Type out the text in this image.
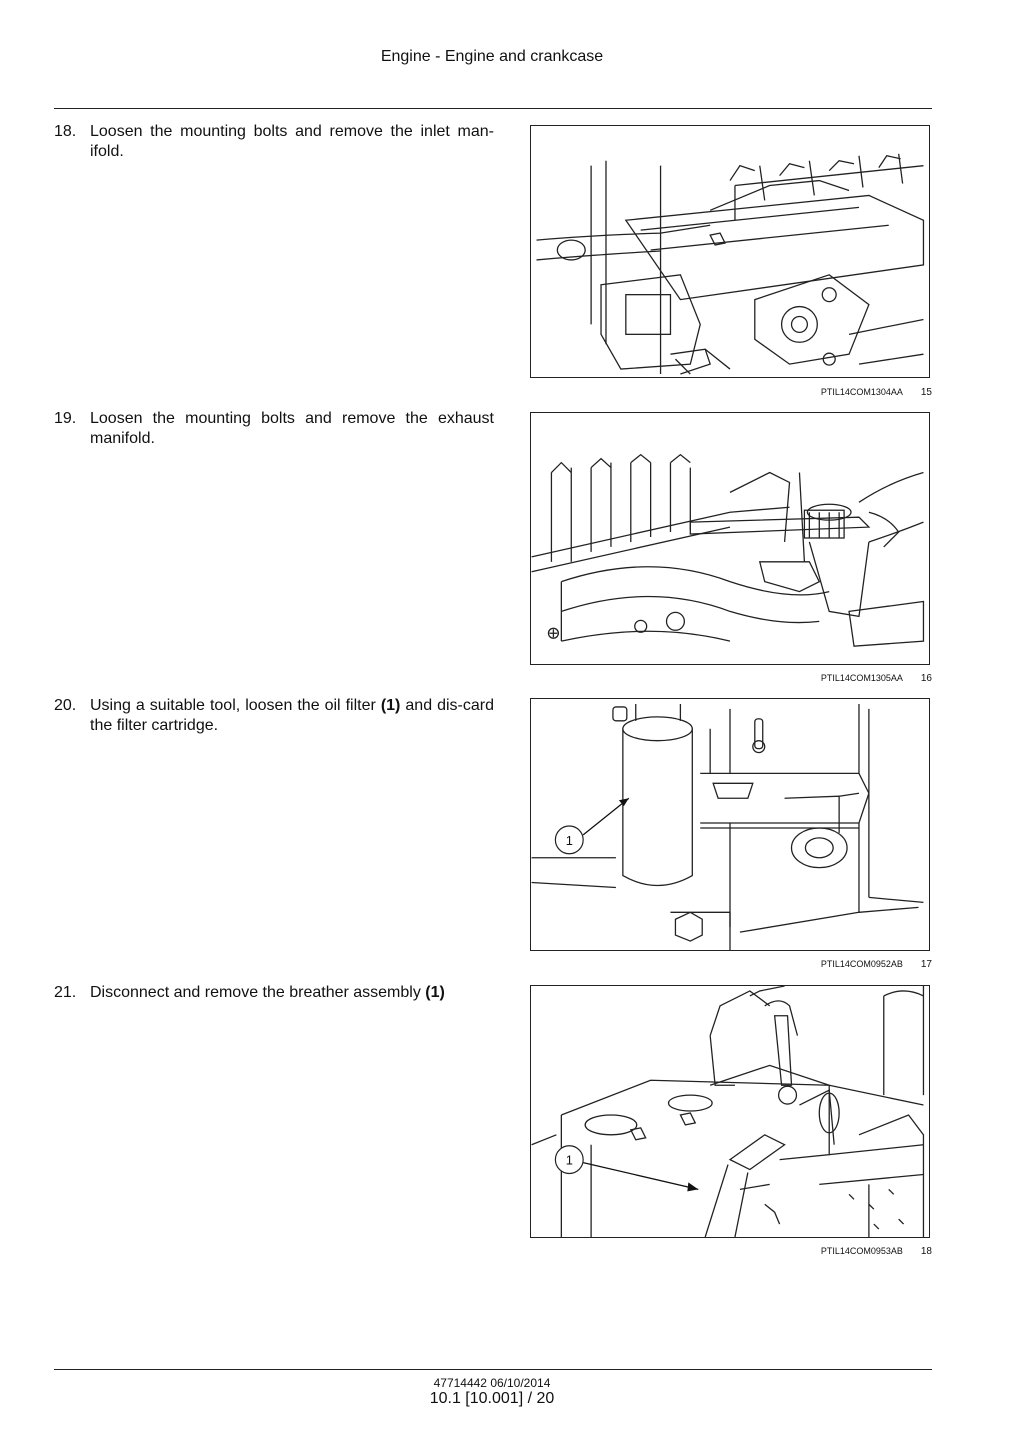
Engine - Engine and crankcase
18. Loosen the mounting bolts and remove the inlet man-ifold.
PTIL14COM1304AA 15
19. Loosen the mounting bolts and remove the exhaust manifold.
PTIL14COM1305AA 16
20. Using a suitable tool, loosen the oil filter (1) and dis-card the filter cartridge.
1
PTIL14COM0952AB 17
21. Disconnect and remove the breather assembly (1)
1
PTIL14COM0953AB 18
47714442 06/10/2014
10.1 [10.001] / 20
